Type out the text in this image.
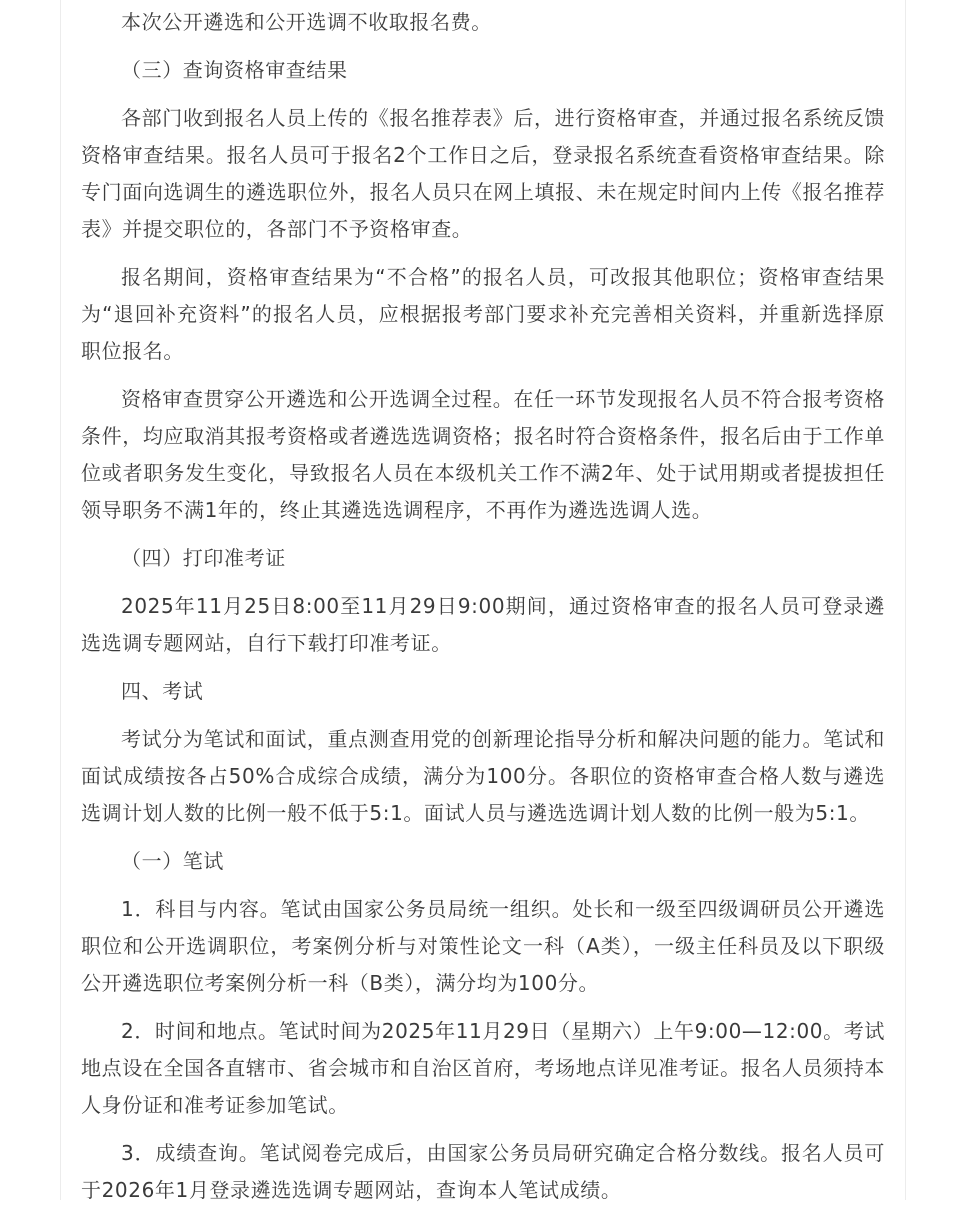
本次公开遴选和公开选调不收取报名费。

（三）查询资格审查结果

各部门收到报名人员上传的《报名推荐表》后，进行资格审查，并通过报名系统反馈资格审查结果。报名人员可于报名2个工作日之后，登录报名系统查看资格审查结果。除专门面向选调生的遴选职位外，报名人员只在网上填报、未在规定时间内上传《报名推荐表》并提交职位的，各部门不予资格审查。

报名期间，资格审查结果为“不合格”的报名人员，可改报其他职位；资格审查结果为“退回补充资料”的报名人员，应根据报考部门要求补充完善相关资料，并重新选择原职位报名。

资格审查贯穿公开遴选和公开选调全过程。在任一环节发现报名人员不符合报考资格条件，均应取消其报考资格或者遴选选调资格；报名时符合资格条件，报名后由于工作单位或者职务发生变化，导致报名人员在本级机关工作不满2年、处于试用期或者提拔担任领导职务不满1年的，终止其遴选选调程序，不再作为遴选选调人选。

（四）打印准考证

2025年11月25日8:00至11月29日9:00期间，通过资格审查的报名人员可登录遴选选调专题网站，自行下载打印准考证。

四、考试

考试分为笔试和面试，重点测查用党的创新理论指导分析和解决问题的能力。笔试和面试成绩按各占50%合成综合成绩，满分为100分。各职位的资格审查合格人数与遴选选调计划人数的比例一般不低于5:1。面试人员与遴选选调计划人数的比例一般为5:1。

（一）笔试

1．科目与内容。笔试由国家公务员局统一组织。处长和一级至四级调研员公开遴选职位和公开选调职位，考案例分析与对策性论文一科（A类），一级主任科员及以下职级公开遴选职位考案例分析一科（B类），满分均为100分。

2．时间和地点。笔试时间为2025年11月29日（星期六）上午9:00—12:00。考试地点设在全国各直辖市、省会城市和自治区首府，考场地点详见准考证。报名人员须持本人身份证和准考证参加笔试。

3．成绩查询。笔试阅卷完成后，由国家公务员局研究确定合格分数线。报名人员可于2026年1月登录遴选选调专题网站，查询本人笔试成绩。
